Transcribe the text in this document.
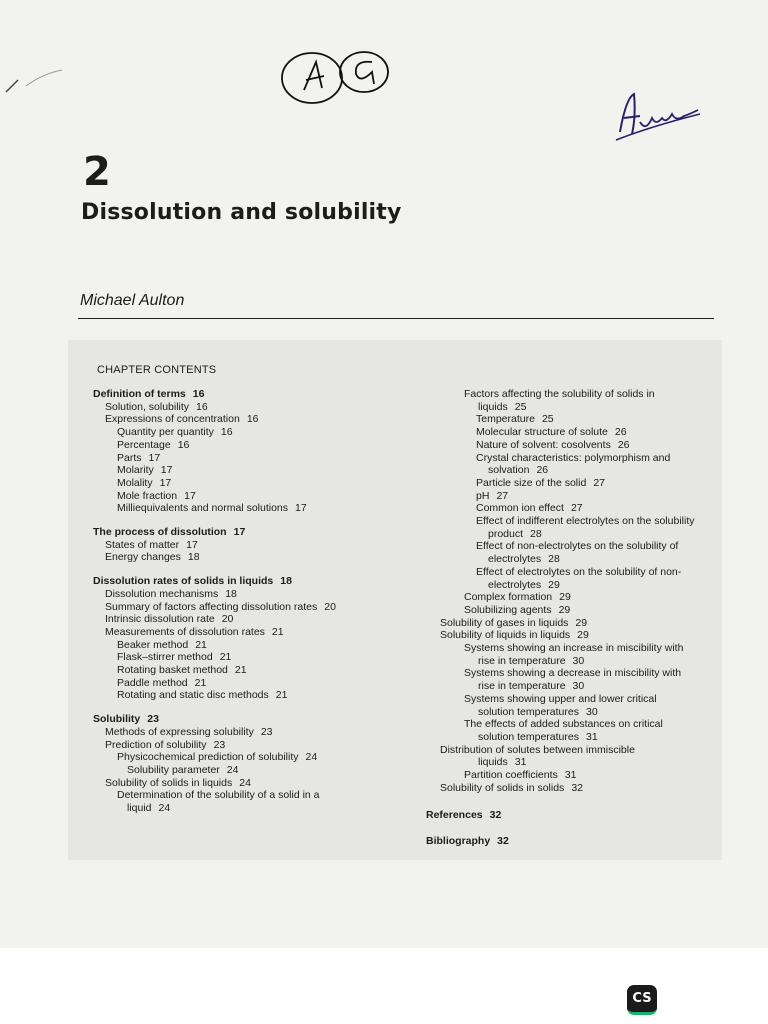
2
Dissolution and solubility
Michael Aulton
CHAPTER CONTENTS
Definition of terms 16
Solution, solubility 16
Expressions of concentration 16
Quantity per quantity 16
Percentage 16
Parts 17
Molarity 17
Molality 17
Mole fraction 17
Milliequivalents and normal solutions 17
The process of dissolution 17
States of matter 17
Energy changes 18
Dissolution rates of solids in liquids 18
Dissolution mechanisms 18
Summary of factors affecting dissolution rates 20
Intrinsic dissolution rate 20
Measurements of dissolution rates 21
Beaker method 21
Flask–stirrer method 21
Rotating basket method 21
Paddle method 21
Rotating and static disc methods 21
Solubility 23
Methods of expressing solubility 23
Prediction of solubility 23
Physicochemical prediction of solubility 24
Solubility parameter 24
Solubility of solids in liquids 24
Determination of the solubility of a solid in a
liquid 24
Factors affecting the solubility of solids in
liquids 25
Temperature 25
Molecular structure of solute 26
Nature of solvent: cosolvents 26
Crystal characteristics: polymorphism and
solvation 26
Particle size of the solid 27
pH 27
Common ion effect 27
Effect of indifferent electrolytes on the solubility
product 28
Effect of non-electrolytes on the solubility of
electrolytes 28
Effect of electrolytes on the solubility of non-
electrolytes 29
Complex formation 29
Solubilizing agents 29
Solubility of gases in liquids 29
Solubility of liquids in liquids 29
Systems showing an increase in miscibility with
rise in temperature 30
Systems showing a decrease in miscibility with
rise in temperature 30
Systems showing upper and lower critical
solution temperatures 30
The effects of added substances on critical
solution temperatures 31
Distribution of solutes between immiscible
liquids 31
Partition coefficients 31
Solubility of solids in solids 32
References 32
Bibliography 32
CS
